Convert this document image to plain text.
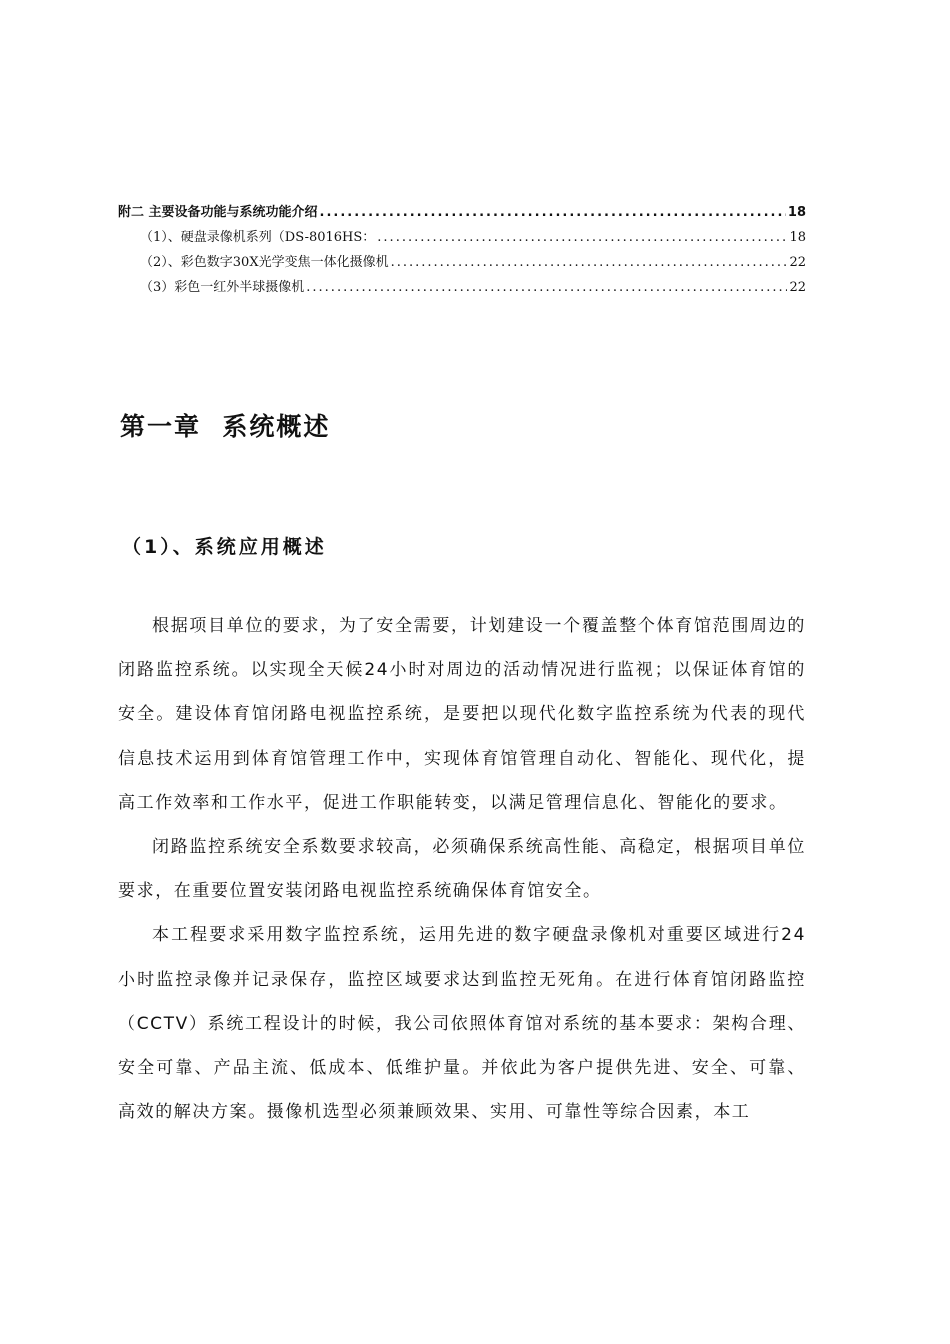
附二 主要设备功能与系统功能介绍 .....	18
（1）、硬盘录像机系列（DS-8016HS： .....	18
（2）、彩色数字30X光学变焦一体化摄像机 .....	22
（3）彩色一红外半球摄像机 .....	22
第一章  系统概述
（1）、系统应用概述

根据项目单位的要求，为了安全需要，计划建设一个覆盖整个体育馆范围周边的闭路监控系统。以实现全天候24小时对周边的活动情况进行监视；以保证体育馆的安全。建设体育馆闭路电视监控系统，是要把以现代化数字监控系统为代表的现代信息技术运用到体育馆管理工作中，实现体育馆管理自动化、智能化、现代化，提高工作效率和工作水平，促进工作职能转变，以满足管理信息化、智能化的要求。

闭路监控系统安全系数要求较高，必须确保系统高性能、高稳定，根据项目单位要求，在重要位置安装闭路电视监控系统确保体育馆安全。

本工程要求采用数字监控系统，运用先进的数字硬盘录像机对重要区域进行24小时监控录像并记录保存，监控区域要求达到监控无死角。在进行体育馆闭路监控（CCTV）系统工程设计的时候，我公司依照体育馆对系统的基本要求：架构合理、安全可靠、产品主流、低成本、低维护量。并依此为客户提供先进、安全、可靠、高效的解决方案。摄像机选型必须兼顾效果、实用、可靠性等综合因素，本工
